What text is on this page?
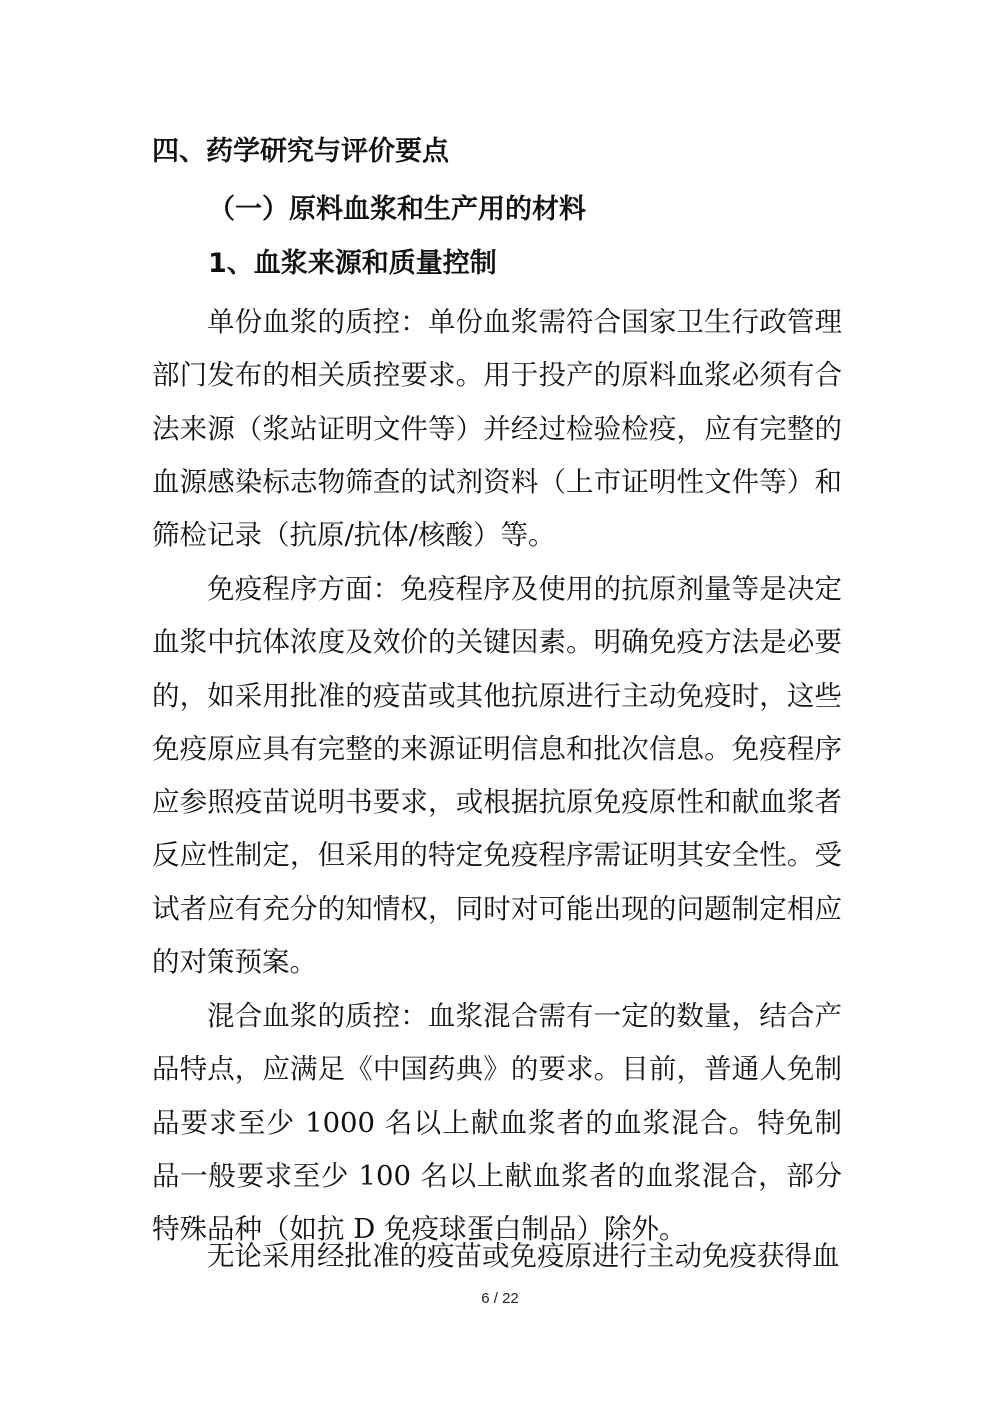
四、药学研究与评价要点
（一）原料血浆和生产用的材料
1、血浆来源和质量控制

单份血浆的质控：单份血浆需符合国家卫生行政管理部门发布的相关质控要求。用于投产的原料血浆必须有合法来源（浆站证明文件等）并经过检验检疫，应有完整的血源感染标志物筛查的试剂资料（上市证明性文件等）和筛检记录（抗原/抗体/核酸）等。

免疫程序方面：免疫程序及使用的抗原剂量等是决定血浆中抗体浓度及效价的关键因素。明确免疫方法是必要的，如采用批准的疫苗或其他抗原进行主动免疫时，这些免疫原应具有完整的来源证明信息和批次信息。免疫程序应参照疫苗说明书要求，或根据抗原免疫原性和献血浆者反应性制定，但采用的特定免疫程序需证明其安全性。受试者应有充分的知情权，同时对可能出现的问题制定相应的对策预案。

混合血浆的质控：血浆混合需有一定的数量，结合产品特点，应满足《中国药典》的要求。目前，普通人免制品要求至少 1000 名以上献血浆者的血浆混合。特免制品一般要求至少 100 名以上献血浆者的血浆混合，部分特殊品种（如抗 D 免疫球蛋白制品）除外。

无论采用经批准的疫苗或免疫原进行主动免疫获得血

6 / 22
